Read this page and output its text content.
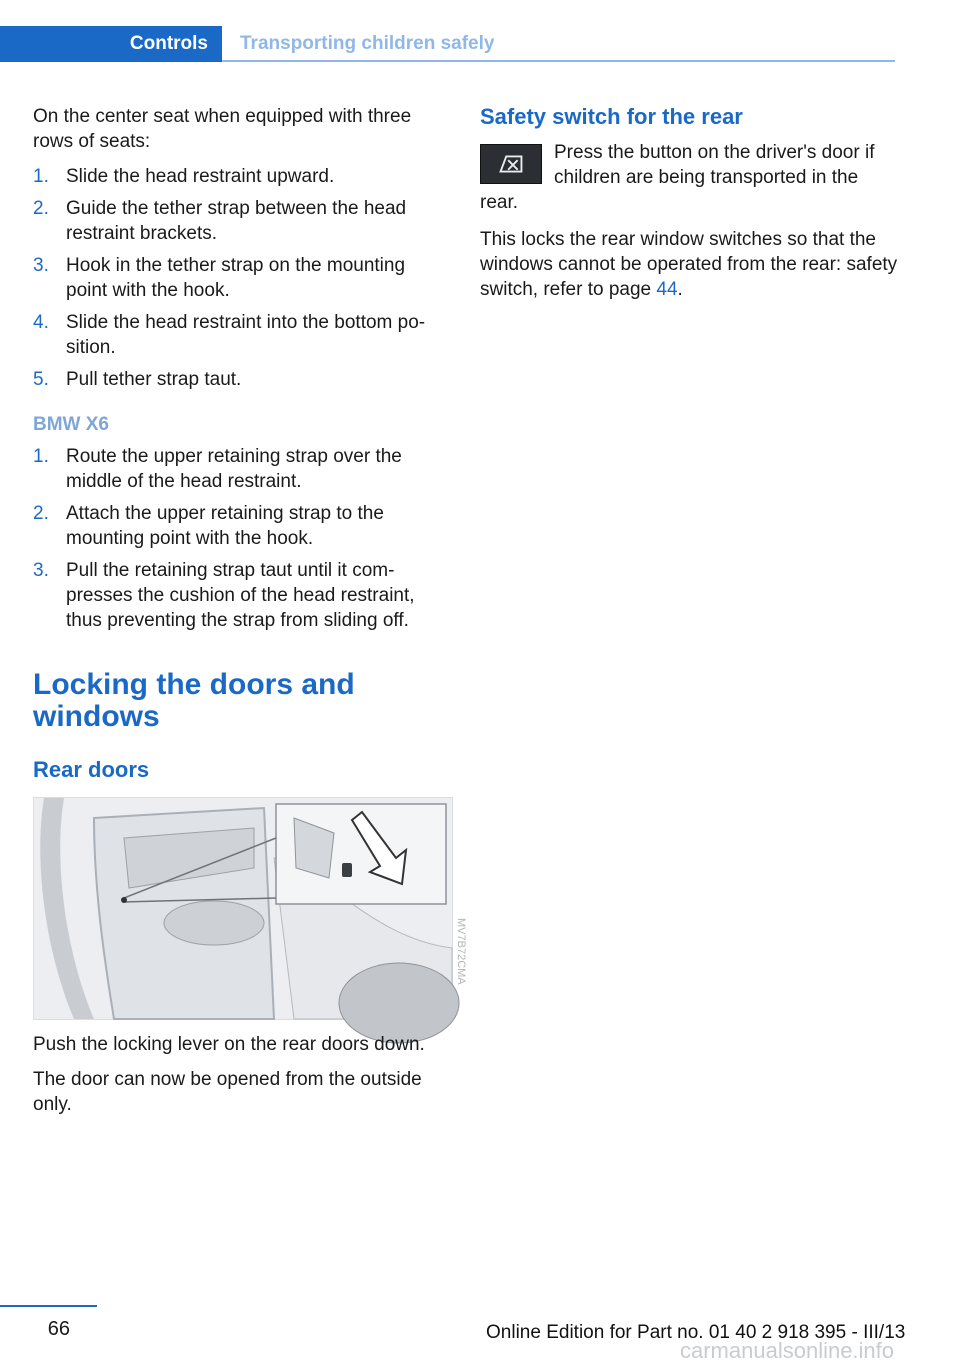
Controls	Transporting children safely

On the center seat when equipped with three rows of seats:

1. Slide the head restraint upward.
2. Guide the tether strap between the head restraint brackets.
3. Hook in the tether strap on the mounting point with the hook.
4. Slide the head restraint into the bottom po‐sition.
5. Pull tether strap taut.
BMW X6
1. Route the upper retaining strap over the middle of the head restraint.
2. Attach the upper retaining strap to the mounting point with the hook.
3. Pull the retaining strap taut until it com‐presses the cushion of the head restraint, thus preventing the strap from sliding off.
Locking the doors and windows
Rear doors
MV7B72CMA

Push the locking lever on the rear doors down.

The door can now be opened from the outside only.

Safety switch for the rear

Press the button on the driver's door if children are being transported in the rear.

This locks the rear window switches so that the windows cannot be operated from the rear: safety switch, refer to page 44.

66	Online Edition for Part no. 01 40 2 918 395 - III/13
carmanualsonline.info
